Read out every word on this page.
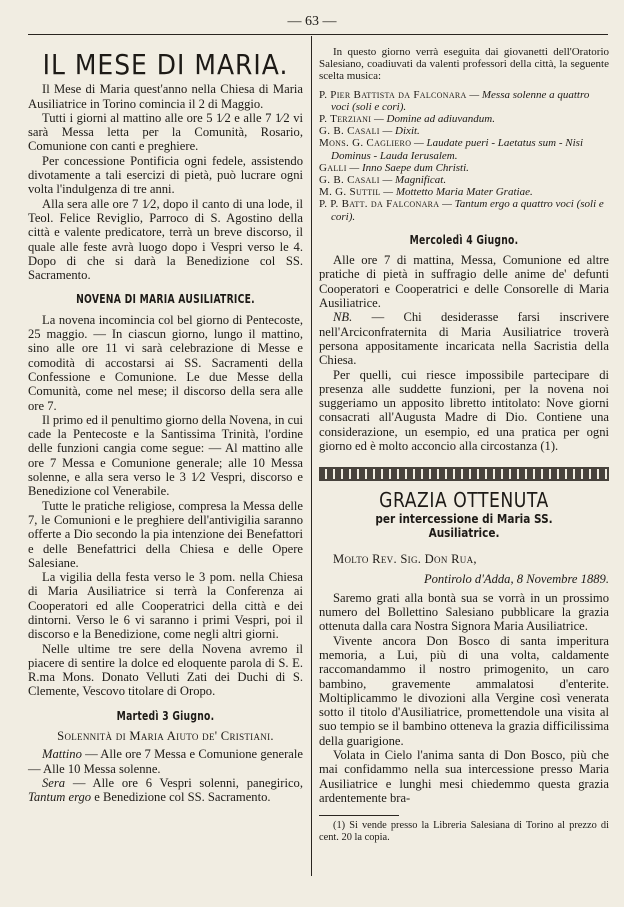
— 63 —
IL MESE DI MARIA.

Il Mese di Maria quest'anno nella Chiesa di Maria Ausiliatrice in Torino comincia il 2 di Maggio.

Tutti i giorni al mattino alle ore 5 1⁄2 e alle 7 1⁄2 vi sarà Messa letta per la Comunità, Rosario, Comunione con canti e preghiere.

Per concessione Pontificia ogni fedele, assistendo divotamente a tali esercizi di pietà, può lucrare ogni volta l'indulgenza di tre anni.

Alla sera alle ore 7 1⁄2, dopo il canto di una lode, il Teol. Felice Reviglio, Parroco di S. Agostino della città e valente predicatore, terrà un breve discorso, il quale alle feste avrà luogo dopo i Vespri verso le 4. Dopo di che si darà la Benedizione col SS. Sacramento.

NOVENA DI MARIA AUSILIATRICE.

La novena incomincia col bel giorno di Pentecoste, 25 maggio. — In ciascun giorno, lungo il mattino, sino alle ore 11 vi sarà celebrazione di Messe e comodità di accostarsi ai SS. Sacramenti della Confessione e Comunione. Le due Messe della Comunità, come nel mese; il discorso della sera alle ore 7.

Il primo ed il penultimo giorno della Novena, in cui cade la Pentecoste e la Santissima Trinità, l'ordine delle funzioni cangia come segue: — Al mattino alle ore 7 Messa e Comunione generale; alle 10 Messa solenne, e alla sera verso le 3 1⁄2 Vespri, discorso e Benedizione col Venerabile.

Tutte le pratiche religiose, compresa la Messa delle 7, le Comunioni e le preghiere dell'antivigilia saranno offerte a Dio secondo la pia intenzione dei Benefattori e delle Benefattrici della Chiesa e delle Opere Salesiane.

La vigilia della festa verso le 3 pom. nella Chiesa di Maria Ausiliatrice si terrà la Conferenza ai Cooperatori ed alle Cooperatrici della città e dei dintorni. Verso le 6 vi saranno i primi Vespri, poi il discorso e la Benedizione, come negli altri giorni.

Nelle ultime tre sere della Novena avremo il piacere di sentire la dolce ed eloquente parola di S. E. R.ma Mons. Donato Velluti Zati dei Duchi di S. Clemente, Vescovo titolare di Oropo.

Martedì 3 Giugno.

Solennità di Maria Aiuto de' Cristiani.

Mattino — Alle ore 7 Messa e Comunione generale — Alle 10 Messa solenne.

Sera — Alle ore 6 Vespri solenni, panegirico, Tantum ergo e Benedizione col SS. Sacramento.

In questo giorno verrà eseguita dai giovanetti dell'Oratorio Salesiano, coadiuvati da valenti professori della città, la seguente scelta musica:

P. Pier Battista da Falconara — Messa solenne a quattro voci (soli e cori).

P. Terziani — Domine ad adiuvandum.

G. B. Casali — Dixit.

Mons. G. Cagliero — Laudate pueri - Laetatus sum - Nisi Dominus - Lauda Ierusalem.

Galli — Inno Saepe dum Christi.

G. B. Casali — Magnificat.

M. G. Suttil — Mottetto Maria Mater Gratiae.

P. P. Batt. da Falconara — Tantum ergo a quattro voci (soli e cori).

Mercoledì 4 Giugno.

Alle ore 7 di mattina, Messa, Comunione ed altre pratiche di pietà in suffragio delle anime de' defunti Cooperatori e Cooperatrici e delle Consorelle di Maria Ausiliatrice.

NB. — Chi desiderasse farsi inscrivere nell'Arciconfraternita di Maria Ausiliatrice troverà persona appositamente incaricata nella Sacristia della Chiesa.

Per quelli, cui riesce impossibile partecipare di presenza alle suddette funzioni, per la novena noi suggeriamo un apposito libretto intitolato: Nove giorni consacrati all'Augusta Madre di Dio. Contiene una considerazione, un esempio, ed una pratica per ogni giorno ed è molto acconcio alla circostanza (1).

GRAZIA OTTENUTA
per intercessione di Maria SS. Ausiliatrice.

Molto Rev. Sig. Don Rua,

Pontirolo d'Adda, 8 Novembre 1889.

Saremo grati alla bontà sua se vorrà in un prossimo numero del Bollettino Salesiano pubblicare la grazia ottenuta dalla cara Nostra Signora Maria Ausiliatrice.

Vivente ancora Don Bosco di santa imperitura memoria, a Lui, più di una volta, caldamente raccomandammo il nostro primogenito, un caro bambino, gravemente ammalatosi d'enterite. Moltiplicammo le divozioni alla Vergine così venerata sotto il titolo d'Ausiliatrice, promettendole una visita al suo tempio se il bambino otteneva la grazia difficilissima della guarigione.

Volata in Cielo l'anima santa di Don Bosco, più che mai confidammo nella sua intercessione presso Maria Ausiliatrice e lunghi mesi chiedemmo questa grazia ardentemente bra-

(1) Si vende presso la Libreria Salesiana di Torino al prezzo di cent. 20 la copia.
